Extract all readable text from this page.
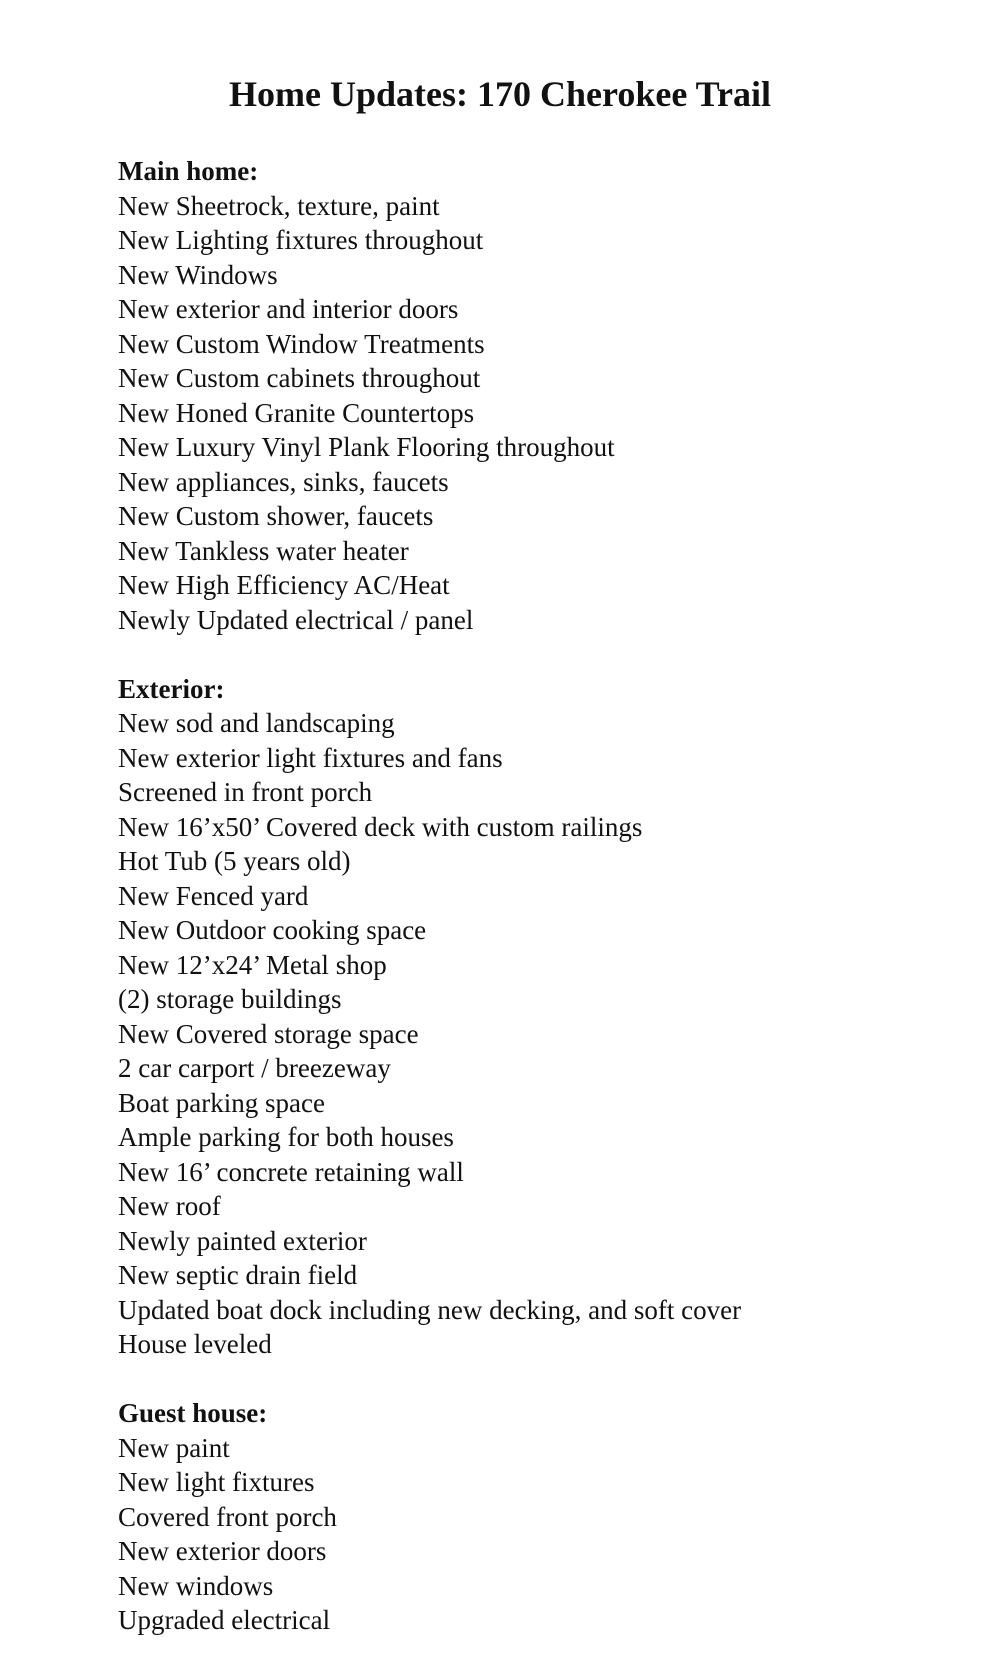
Home Updates: 170 Cherokee Trail
Main home:
New Sheetrock, texture, paint
New Lighting fixtures throughout
New Windows
New exterior and interior doors
New Custom Window Treatments
New Custom cabinets throughout
New Honed Granite Countertops
New Luxury Vinyl Plank Flooring throughout
New appliances, sinks, faucets
New Custom shower, faucets
New Tankless water heater
New High Efficiency AC/Heat
Newly Updated electrical / panel
Exterior:
New sod and landscaping
New exterior light fixtures and fans
Screened in front porch
New 16’x50’ Covered deck with custom railings
Hot Tub (5 years old)
New Fenced yard
New Outdoor cooking space
New 12’x24’ Metal shop
(2) storage buildings
New Covered storage space
2 car carport / breezeway
Boat parking space
Ample parking for both houses
New 16’ concrete retaining wall
New roof
Newly painted exterior
New septic drain field
Updated boat dock including new decking, and soft cover
House leveled
Guest house:
New paint
New light fixtures
Covered front porch
New exterior doors
New windows
Upgraded electrical
